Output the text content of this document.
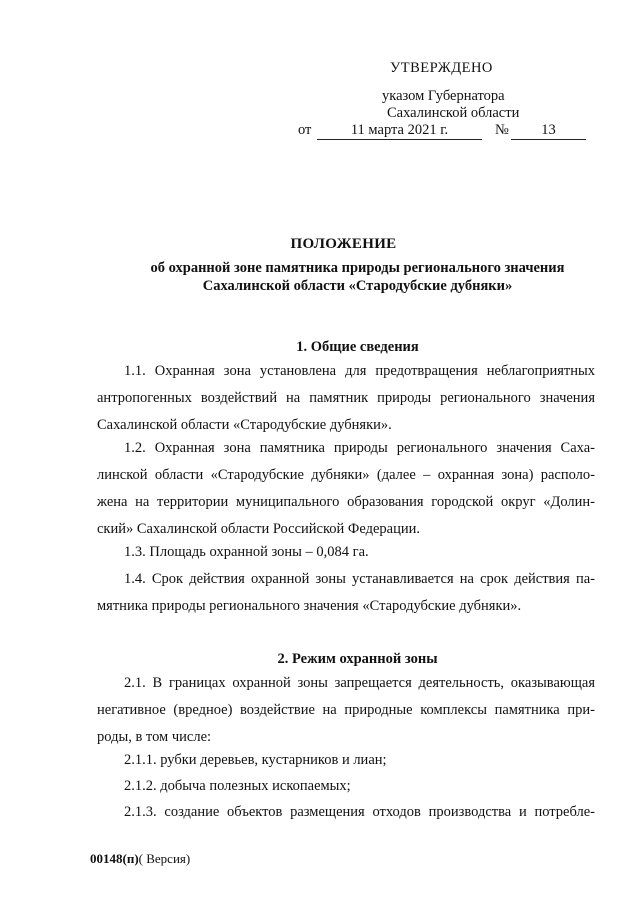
УТВЕРЖДЕНО
указом Губернатора
Сахалинской области
от	11 марта 2021 г.	№	13
ПОЛОЖЕНИЕ
об охранной зоне памятника природы регионального значения
Сахалинской области «Стародубские дубняки»
1. Общие сведения
1.1. Охранная зона установлена для предотвращения неблагоприятных
антропогенных воздействий на памятник природы регионального значения
Сахалинской области «Стародубские дубняки».
1.2. Охранная зона памятника природы регионального значения Саха-
линской области «Стародубские дубняки» (далее – охранная зона) располо-
жена на территории муниципального образования городской округ «Долин-
ский» Сахалинской области Российской Федерации.
1.3. Площадь охранной зоны – 0,084 га.
1.4. Срок действия охранной зоны устанавливается на срок действия па-
мятника природы регионального значения «Стародубские дубняки».
2. Режим охранной зоны
2.1. В границах охранной зоны запрещается деятельность, оказывающая
негативное (вредное) воздействие на природные комплексы памятника при-
роды, в том числе:
2.1.1. рубки деревьев, кустарников и лиан;
2.1.2. добыча полезных ископаемых;
2.1.3. создание объектов размещения отходов производства и потребле-
00148(п)( Версия)
